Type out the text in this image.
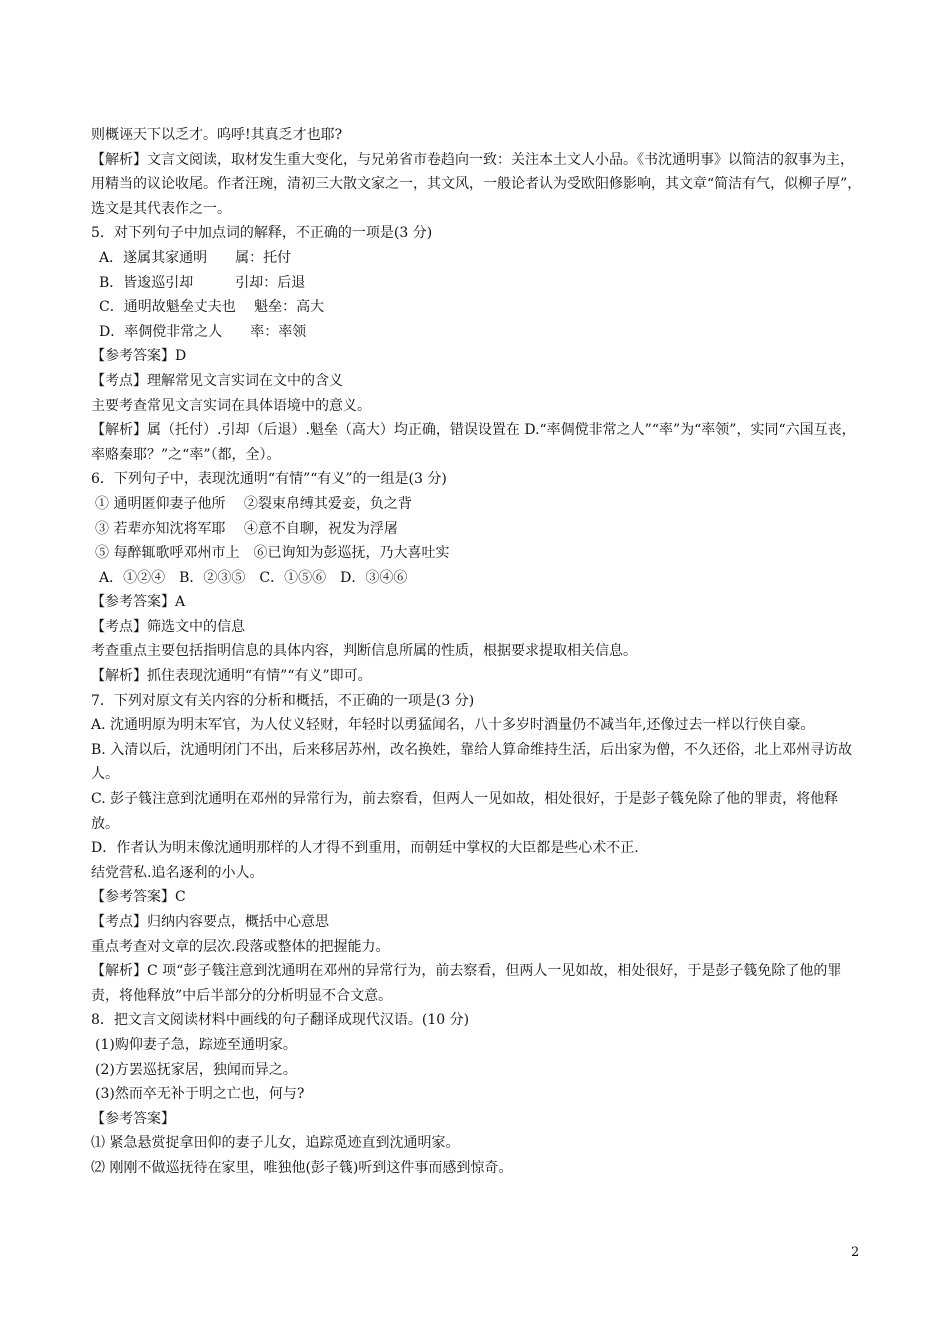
则概诬天下以乏才。呜呼!其真乏才也耶?
【解析】文言文阅读，取材发生重大变化，与兄弟省市卷趋向一致：关注本土文人小品。《书沈通明事》以简洁的叙事为主，用精当的议论收尾。作者汪琬，清初三大散文家之一，其文风，一般论者认为受欧阳修影响，其文章“简洁有气，似柳子厚”，选文是其代表作之一。
5．对下列句子中加点词的解释，不正确的一项是(3 分)
A．遂属其家通明　　属：托付
B．皆逡巡引却　　　引却：后退
C．通明故魁垒丈夫也　 魁垒：高大
D．率倜傥非常之人　　率：率领
【参考答案】D
【考点】理解常见文言实词在文中的含义
主要考查常见文言实词在具体语境中的意义。
【解析】属（托付）.引却（后退）.魁垒（高大）均正确，错误设置在 D.“率倜傥非常之人”“率”为“率领”，实同“六国互丧，率赂秦耶？”之“率”（都，全）。
6．下列句子中，表现沈通明“有情”“有义”的一组是(3 分)
① 通明匿仰妻子他所　 ②裂束帛缚其爱妾，负之背
③ 若辈亦知沈将军耶　 ④意不自聊，祝发为浮屠
⑤ 每醉辄歌呼邓州市上　⑥已询知为彭巡抚，乃大喜吐实
A．①②④　B．②③⑤　C．①⑤⑥　D．③④⑥
【参考答案】A
【考点】筛选文中的信息
考查重点主要包括指明信息的具体内容，判断信息所属的性质，根据要求提取相关信息。
【解析】抓住表现沈通明“有情”“有义”即可。
7．下列对原文有关内容的分析和概括，不正确的一项是(3 分)
A. 沈通明原为明末军官，为人仗义轻财，年轻时以勇猛闻名，八十多岁时酒量仍不减当年,还像过去一样以行侠自豪。
B. 入清以后，沈通明闭门不出，后来移居苏州，改名换姓，靠给人算命维持生活，后出家为僧，不久还俗，北上邓州寻访故人。
C. 彭子篯注意到沈通明在邓州的异常行为，前去察看，但两人一见如故，相处很好，于是彭子篯免除了他的罪责，将他释放。
D．作者认为明末像沈通明那样的人才得不到重用，而朝廷中掌权的大臣都是些心术不正.
结党营私.追名逐利的小人。
【参考答案】C
【考点】归纳内容要点，概括中心意思
重点考查对文章的层次.段落或整体的把握能力。
【解析】C 项“彭子篯注意到沈通明在邓州的异常行为，前去察看，但两人一见如故，相处很好，于是彭子篯免除了他的罪责，将他释放”中后半部分的分析明显不合文意。
8．把文言文阅读材料中画线的句子翻译成现代汉语。(10 分)
(1)购仰妻子急，踪迹至通明家。
(2)方罢巡抚家居，独闻而异之。
(3)然而卒无补于明之亡也，何与?
【参考答案】
⑴ 紧急悬赏捉拿田仰的妻子儿女，追踪觅迹直到沈通明家。
⑵ 刚刚不做巡抚待在家里，唯独他(彭子篯)听到这件事而感到惊奇。
2
